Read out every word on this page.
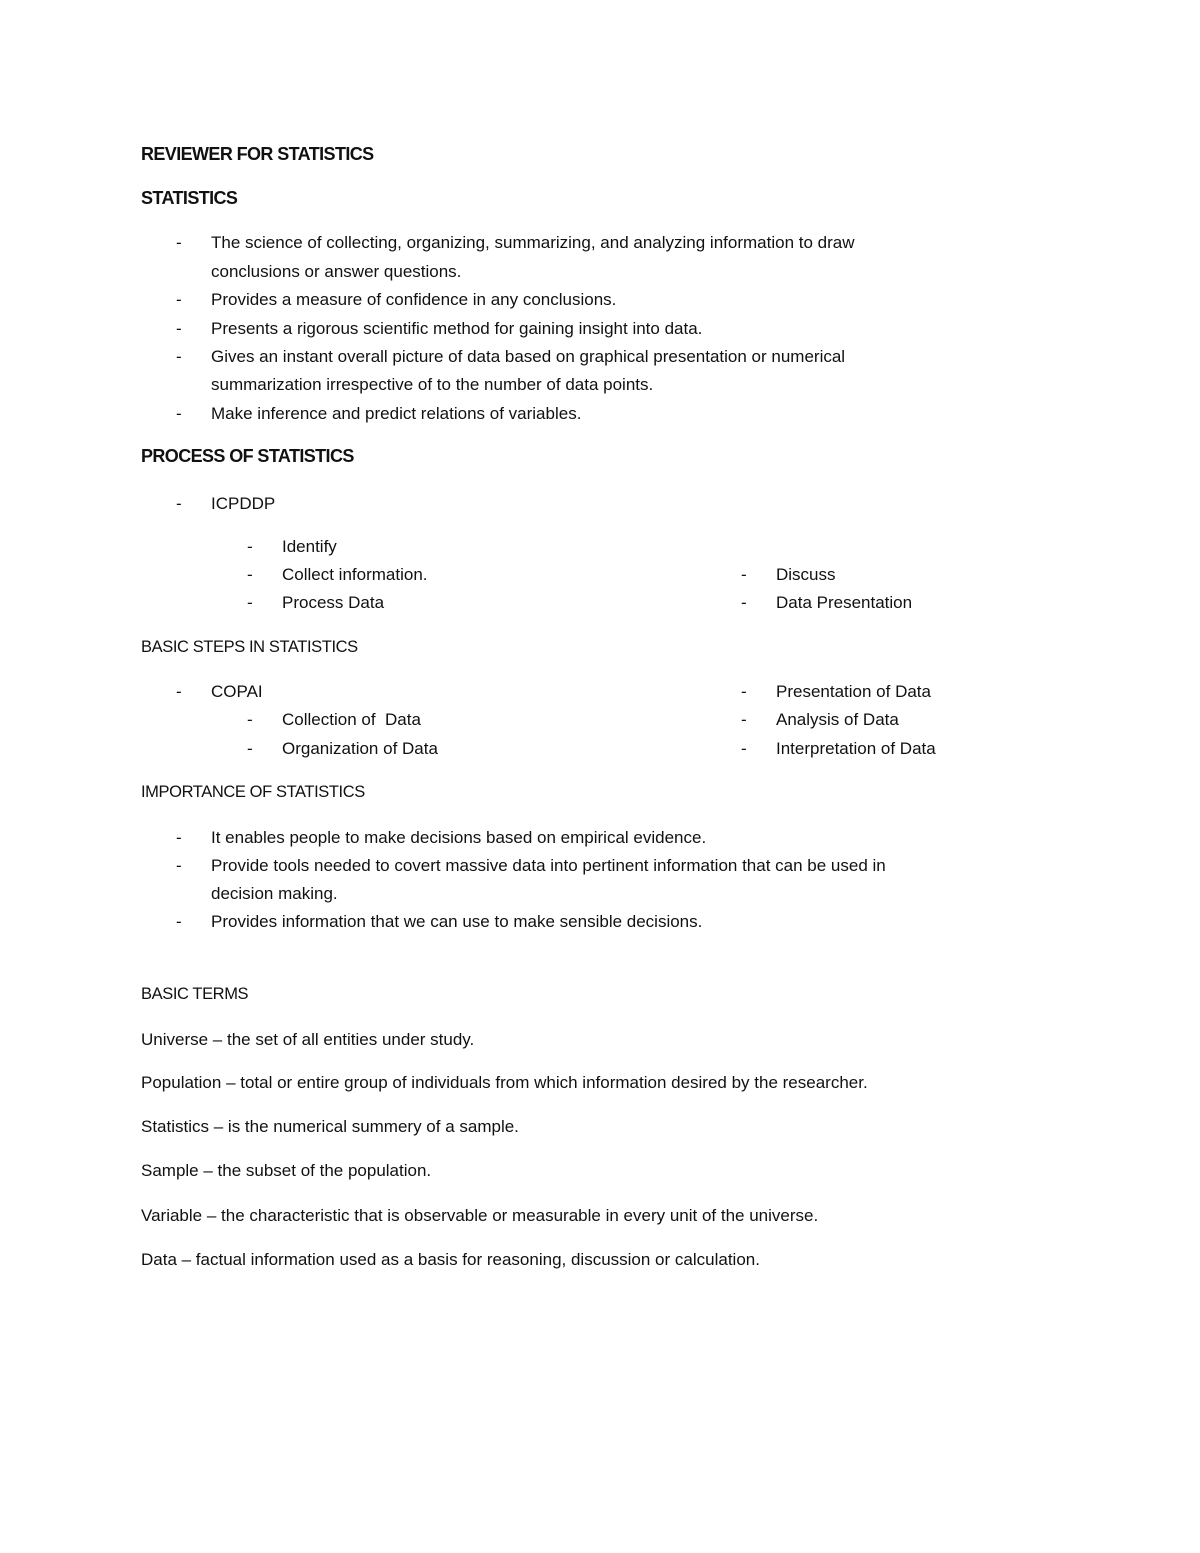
REVIEWER FOR STATISTICS
STATISTICS
- The science of collecting, organizing, summarizing, and analyzing information to draw
conclusions or answer questions.
- Provides a measure of confidence in any conclusions.
- Presents a rigorous scientific method for gaining insight into data.
- Gives an instant overall picture of data based on graphical presentation or numerical
summarization irrespective of to the number of data points.
- Make inference and predict relations of variables.
PROCESS OF STATISTICS
- ICPDDP
- Identify
- Collect information.
- Process Data
- Discuss
- Data Presentation
BASIC STEPS IN STATISTICS
- COPAI
- Collection of  Data
- Organization of Data
- Presentation of Data
- Analysis of Data
- Interpretation of Data
IMPORTANCE OF STATISTICS
- It enables people to make decisions based on empirical evidence.
- Provide tools needed to covert massive data into pertinent information that can be used in
decision making.
- Provides information that we can use to make sensible decisions.
BASIC TERMS
Universe – the set of all entities under study.
Population – total or entire group of individuals from which information desired by the researcher.
Statistics – is the numerical summery of a sample.
Sample – the subset of the population.
Variable – the characteristic that is observable or measurable in every unit of the universe.
Data – factual information used as a basis for reasoning, discussion or calculation.
